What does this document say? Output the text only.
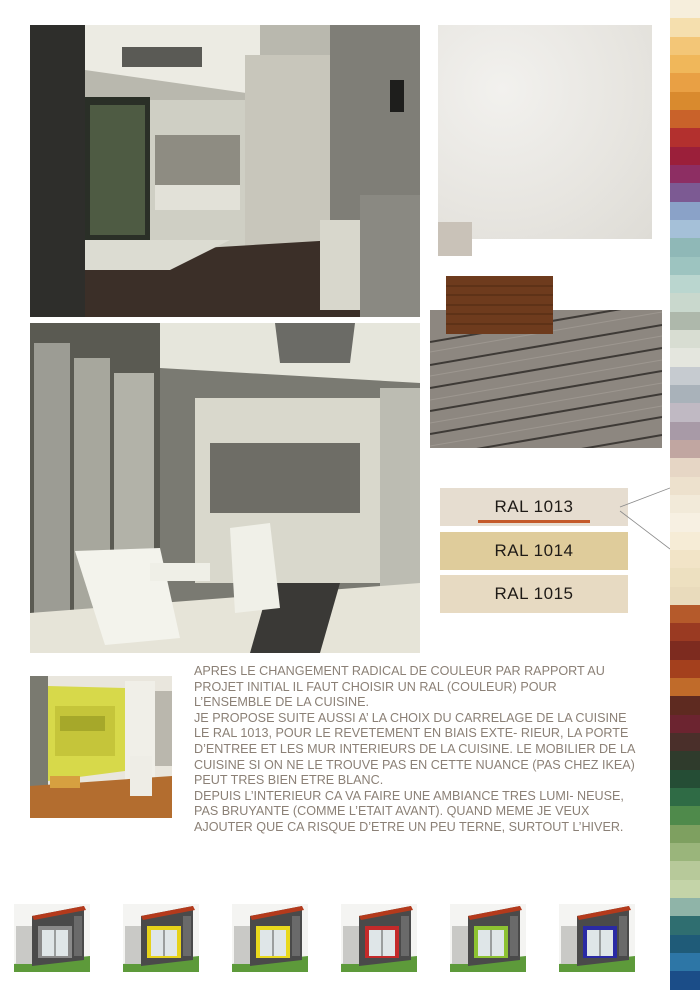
RAL 1013
RAL 1014
RAL 1015

APRES LE CHANGEMENT RADICAL DE COULEUR PAR RAPPORT AU PROJET INITIAL IL FAUT CHOISIR UN RAL (COULEUR) POUR L’ENSEMBLE DE LA CUISINE.

JE PROPOSE SUITE AUSSI A’ LA CHOIX DU CARRELAGE DE LA CUISINE LE RAL 1013, POUR LE REVETEMENT EN BIAIS EXTE- RIEUR, LA PORTE D’ENTREE ET LES MUR INTERIEURS DE LA CUISINE. LE MOBILIER DE LA CUISINE SI ON NE LE TROUVE PAS EN CETTE NUANCE (PAS CHEZ IKEA) PEUT TRES BIEN ETRE BLANC.

DEPUIS L’INTERIEUR CA VA FAIRE UNE AMBIANCE TRES LUMI- NEUSE, PAS BRUYANTE (COMME L’ETAIT AVANT). QUAND MEME JE VEUX AJOUTER QUE CA RISQUE D’ETRE UN PEU TERNE, SURTOUT L’HIVER.
